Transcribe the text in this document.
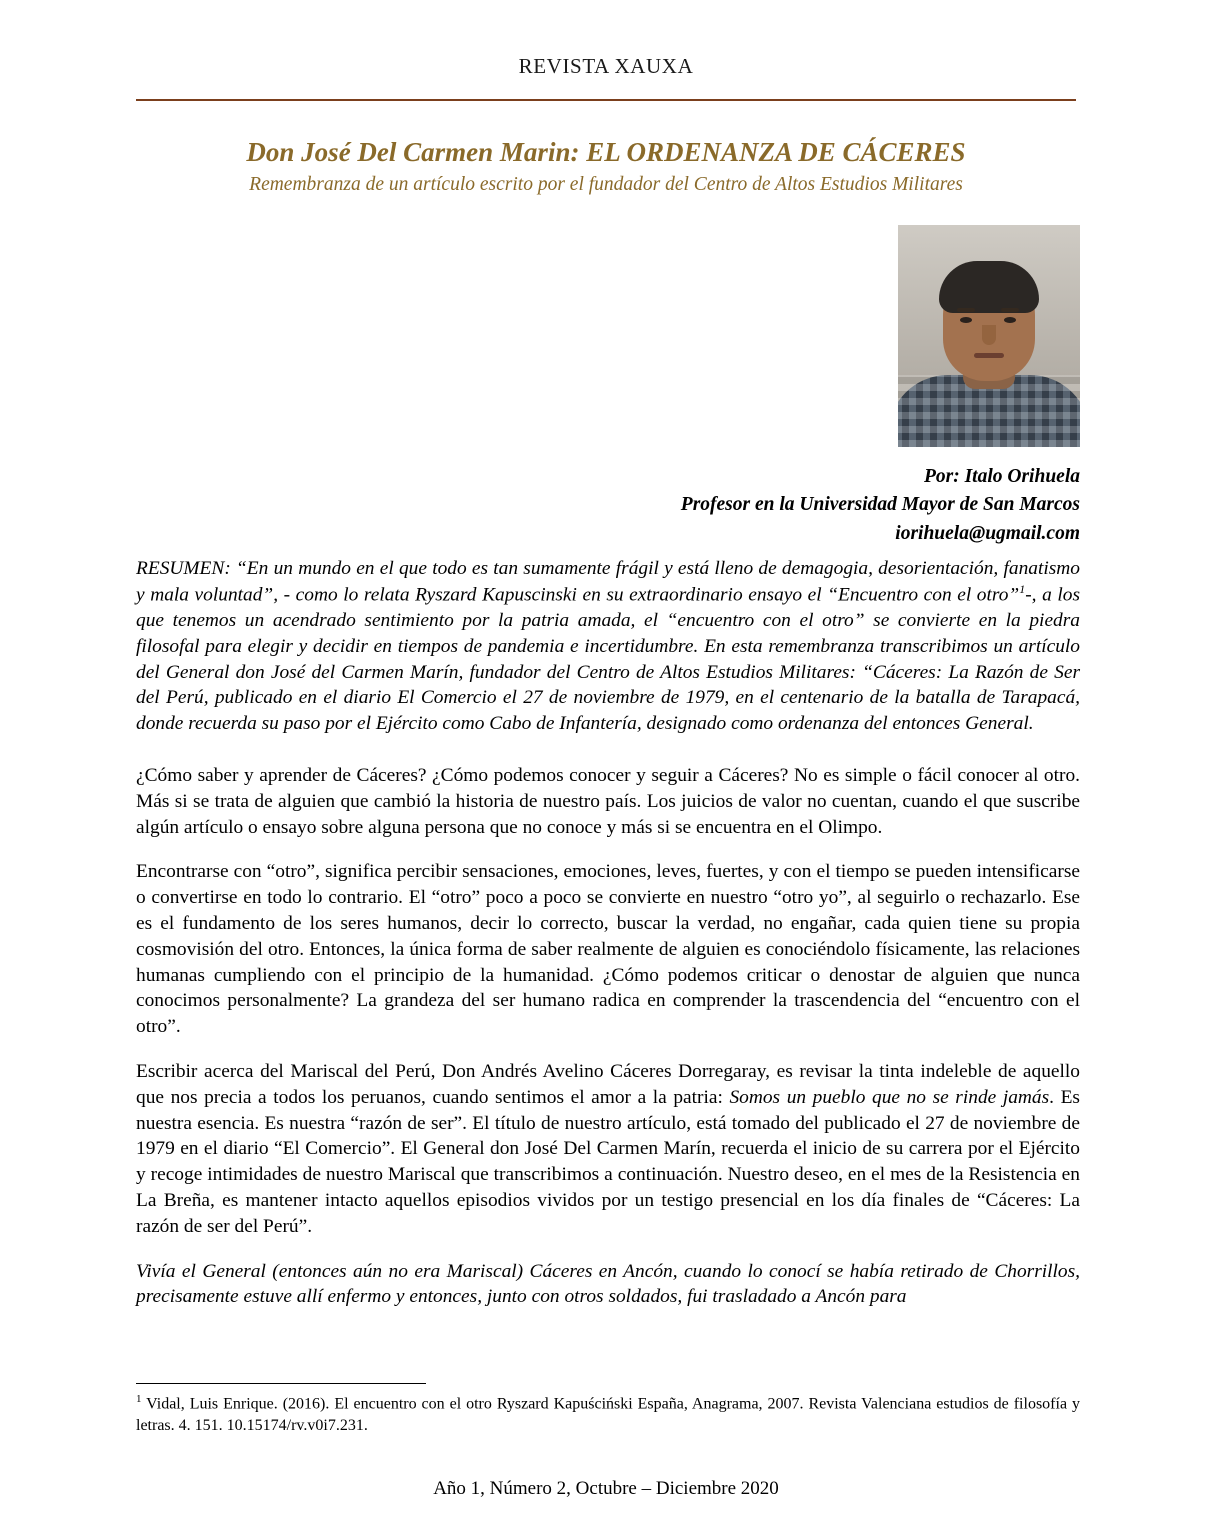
REVISTA XAUXA
Don José Del Carmen Marin: EL ORDENANZA DE CÁCERES
Remembranza de un artículo escrito por el fundador del Centro de Altos Estudios Militares
Por: Italo Orihuela
Profesor en la Universidad Mayor de San Marcos
iorihuela@ugmail.com

RESUMEN: “En un mundo en el que todo es tan sumamente frágil y está lleno de demagogia, desorientación, fanatismo y mala voluntad”, - como lo relata Ryszard Kapuscinski en su extraordinario ensayo el “Encuentro con el otro”$^1$-, a los que tenemos un acendrado sentimiento por la patria amada, el “encuentro con el otro” se convierte en la piedra filosofal para elegir y decidir en tiempos de pandemia e incertidumbre. En esta remembranza transcribimos un artículo del General don José del Carmen Marín, fundador del Centro de Altos Estudios Militares: “Cáceres: La Razón de Ser del Perú, publicado en el diario El Comercio el 27 de noviembre de 1979, en el centenario de la batalla de Tarapacá, donde recuerda su paso por el Ejército como Cabo de Infantería, designado como ordenanza del entonces General.

¿Cómo saber y aprender de Cáceres? ¿Cómo podemos conocer y seguir a Cáceres? No es simple o fácil conocer al otro. Más si se trata de alguien que cambió la historia de nuestro país. Los juicios de valor no cuentan, cuando el que suscribe algún artículo o ensayo sobre alguna persona que no conoce y más si se encuentra en el Olimpo.

Encontrarse con “otro”, significa percibir sensaciones, emociones, leves, fuertes, y con el tiempo se pueden intensificarse o convertirse en todo lo contrario. El “otro” poco a poco se convierte en nuestro “otro yo”, al seguirlo o rechazarlo. Ese es el fundamento de los seres humanos, decir lo correcto, buscar la verdad, no engañar, cada quien tiene su propia cosmovisión del otro. Entonces, la única forma de saber realmente de alguien es conociéndolo físicamente, las relaciones humanas cumpliendo con el principio de la humanidad. ¿Cómo podemos criticar o denostar de alguien que nunca conocimos personalmente? La grandeza del ser humano radica en comprender la trascendencia del “encuentro con el otro”.

Escribir acerca del Mariscal del Perú, Don Andrés Avelino Cáceres Dorregaray, es revisar la tinta indeleble de aquello que nos precia a todos los peruanos, cuando sentimos el amor a la patria: Somos un pueblo que no se rinde jamás. Es nuestra esencia. Es nuestra “razón de ser”. El título de nuestro artículo, está tomado del publicado el 27 de noviembre de 1979 en el diario “El Comercio”. El General don José Del Carmen Marín, recuerda el inicio de su carrera por el Ejército y recoge intimidades de nuestro Mariscal que transcribimos a continuación. Nuestro deseo, en el mes de la Resistencia en La Breña, es mantener intacto aquellos episodios vividos por un testigo presencial en los día finales de “Cáceres: La razón de ser del Perú”.

Vivía el General (entonces aún no era Mariscal) Cáceres en Ancón, cuando lo conocí se había retirado de Chorrillos, precisamente estuve allí enfermo y entonces, junto con otros soldados, fui trasladado a Ancón para

$^1$ Vidal, Luis Enrique. (2016). El encuentro con el otro Ryszard Kapuściński España, Anagrama, 2007. Revista Valenciana estudios de filosofía y letras. 4. 151. 10.15174/rv.v0i7.231.
Año 1, Número 2, Octubre – Diciembre 2020
